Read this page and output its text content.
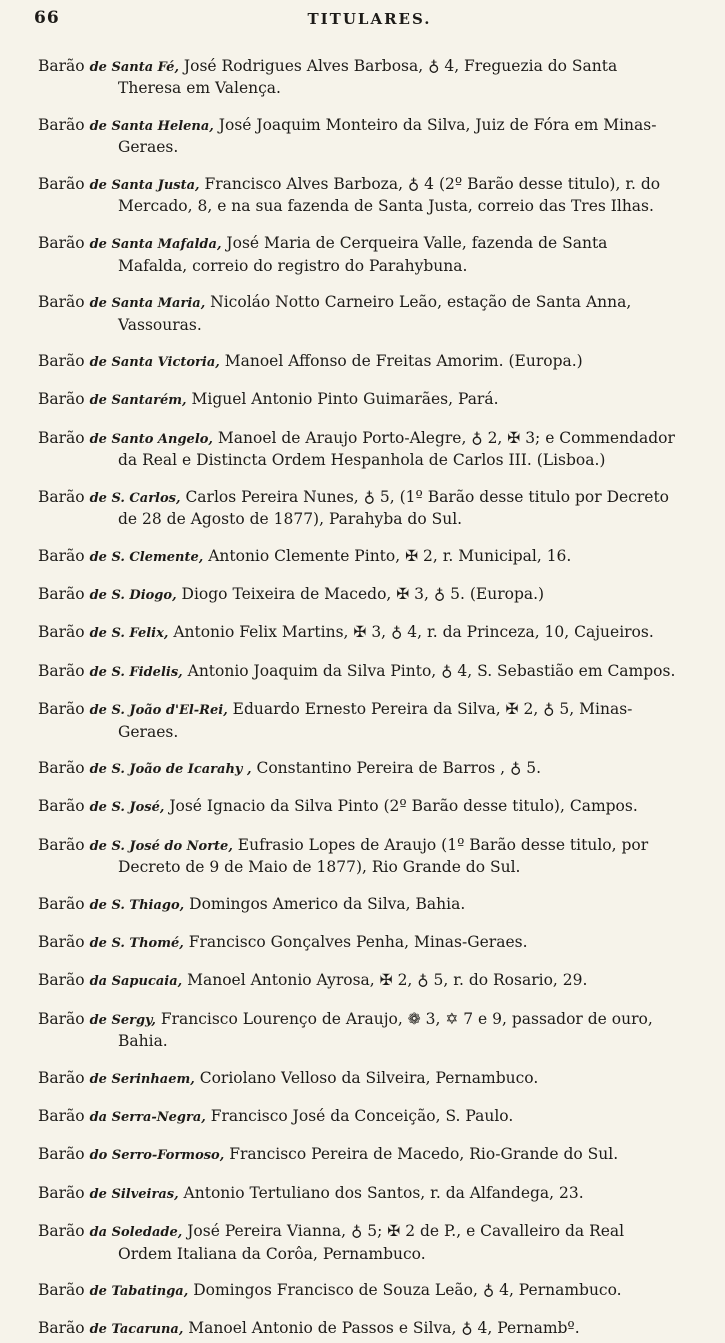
66	TITULARES.

Barão de Santa Fé, José Rodrigues Alves Barbosa, ♁ 4, Freguezia do Santa Theresa em Valença.

Barão de Santa Helena, José Joaquim Monteiro da Silva, Juiz de Fóra em Minas-Geraes.

Barão de Santa Justa, Francisco Alves Barboza, ♁ 4 (2º Barão desse titulo), r. do Mercado, 8, e na sua fazenda de Santa Justa, correio das Tres Ilhas.

Barão de Santa Mafalda, José Maria de Cerqueira Valle, fazenda de Santa Mafalda, correio do registro do Parahybuna.

Barão de Santa Maria, Nicoláo Notto Carneiro Leão, estação de Santa Anna, Vassouras.

Barão de Santa Victoria, Manoel Affonso de Freitas Amorim. (Europa.)

Barão de Santarém, Miguel Antonio Pinto Guimarães, Pará.

Barão de Santo Angelo, Manoel de Araujo Porto-Alegre, ♁ 2, ✠ 3; e Commendador da Real e Distincta Ordem Hespanhola de Carlos III. (Lisboa.)

Barão de S. Carlos, Carlos Pereira Nunes, ♁ 5, (1º Barão desse titulo por Decreto de 28 de Agosto de 1877), Parahyba do Sul.

Barão de S. Clemente, Antonio Clemente Pinto, ✠ 2, r. Municipal, 16.

Barão de S. Diogo, Diogo Teixeira de Macedo, ✠ 3, ♁ 5. (Europa.)

Barão de S. Felix, Antonio Felix Martins, ✠ 3, ♁ 4, r. da Princeza, 10, Cajueiros.

Barão de S. Fidelis, Antonio Joaquim da Silva Pinto, ♁ 4, S. Sebastião em Campos.

Barão de S. João d'El-Rei, Eduardo Ernesto Pereira da Silva, ✠ 2, ♁ 5, Minas-Geraes.

Barão de S. João de Icarahy , Constantino Pereira de Barros , ♁ 5.

Barão de S. José, José Ignacio da Silva Pinto (2º Barão desse titulo), Campos.

Barão de S. José do Norte, Eufrasio Lopes de Araujo (1º Barão desse titulo, por Decreto de 9 de Maio de 1877), Rio Grande do Sul.

Barão de S. Thiago, Domingos Americo da Silva, Bahia.

Barão de S. Thomé, Francisco Gonçalves Penha, Minas-Geraes.

Barão da Sapucaia, Manoel Antonio Ayrosa, ✠ 2, ♁ 5, r. do Rosario, 29.

Barão de Sergy, Francisco Lourenço de Araujo, ❁ 3, ✡ 7 e 9, passador de ouro, Bahia.

Barão de Serinhaem, Coriolano Velloso da Silveira, Pernambuco.

Barão da Serra-Negra, Francisco José da Conceição, S. Paulo.

Barão do Serro-Formoso, Francisco Pereira de Macedo, Rio-Grande do Sul.

Barão de Silveiras, Antonio Tertuliano dos Santos, r. da Alfandega, 23.

Barão da Soledade, José Pereira Vianna, ♁ 5; ✠ 2 de P., e Cavalleiro da Real Ordem Italiana da Corôa, Pernambuco.

Barão de Tabatinga, Domingos Francisco de Souza Leão, ♁ 4, Pernambuco.

Barão de Tacaruna, Manoel Antonio de Passos e Silva, ♁ 4, Pernambº.
